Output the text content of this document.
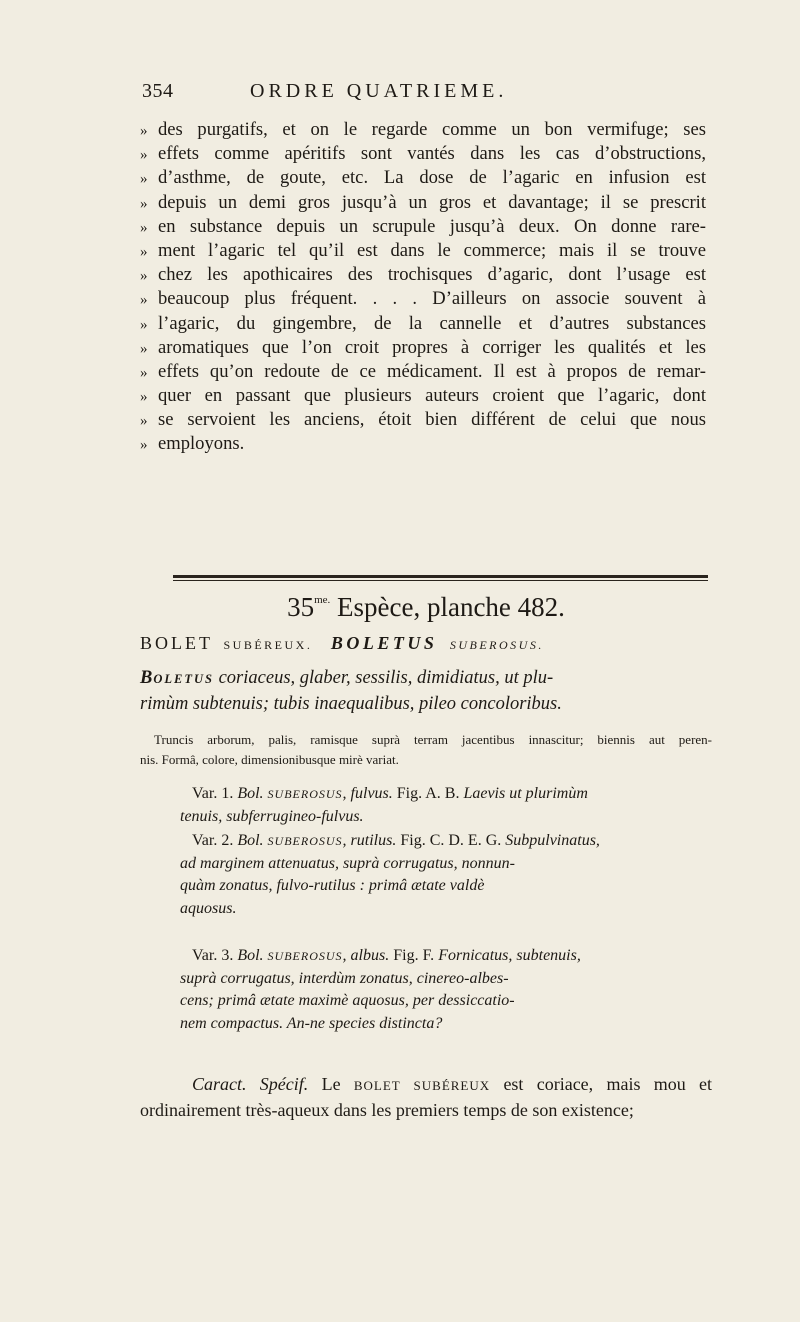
354	ORDRE QUATRIEME.
» des purgatifs, et on le regarde comme un bon vermifuge; ses
» effets comme apéritifs sont vantés dans les cas d’obstructions,
» d’asthme, de goute, etc. La dose de l’agaric en infusion est
» depuis un demi gros jusqu’à un gros et davantage; il se prescrit
» en substance depuis un scrupule jusqu’à deux. On donne rare-
» ment l’agaric tel qu’il est dans le commerce; mais il se trouve
» chez les apothicaires des trochisques d’agaric, dont l’usage est
» beaucoup plus fréquent. . . . D’ailleurs on associe souvent à
» l’agaric, du gingembre, de la cannelle et d’autres substances
» aromatiques que l’on croit propres à corriger les qualités et les
» effets qu’on redoute de ce médicament. Il est à propos de remar-
» quer en passant que plusieurs auteurs croient que l’agaric, dont
» se servoient les anciens, étoit bien différent de celui que nous
» employons.
$35^{me.}$ Espèce, planche 482.
BOLET SUBÉREUX. BOLETUS SUBEROSUS.
BOLETUS coriaceus, glaber, sessilis, dimidiatus, ut plu-
rimùm subtenuis; tubis inaequalibus, pileo concoloribus.
Truncis arborum, palis, ramisque suprà terram jacentibus innascitur; biennis aut peren-
nis. Formâ, colore, dimensionibusque mirè variat.
Var. 1. Bol. SUBEROSUS, fulvus. Fig. A. B. Laevis ut plurimùm
tenuis, subferrugineo-fulvus.
Var. 2. Bol. SUBEROSUS, rutilus. Fig. C. D. E. G. Subpulvinatus,
ad marginem attenuatus, suprà corrugatus, nonnun-
quàm zonatus, fulvo-rutilus : primâ ætate valdè
aquosus.
Var. 3. Bol. SUBEROSUS, albus. Fig. F. Fornicatus, subtenuis,
suprà corrugatus, interdùm zonatus, cinereo-albes-
cens; primâ ætate maximè aquosus, per dessiccatio-
nem compactus. An-ne species distincta?
Caract. Spécif. Le BOLET SUBÉREUX est coriace, mais mou et
ordinairement très-aqueux dans les premiers temps de son existence;
